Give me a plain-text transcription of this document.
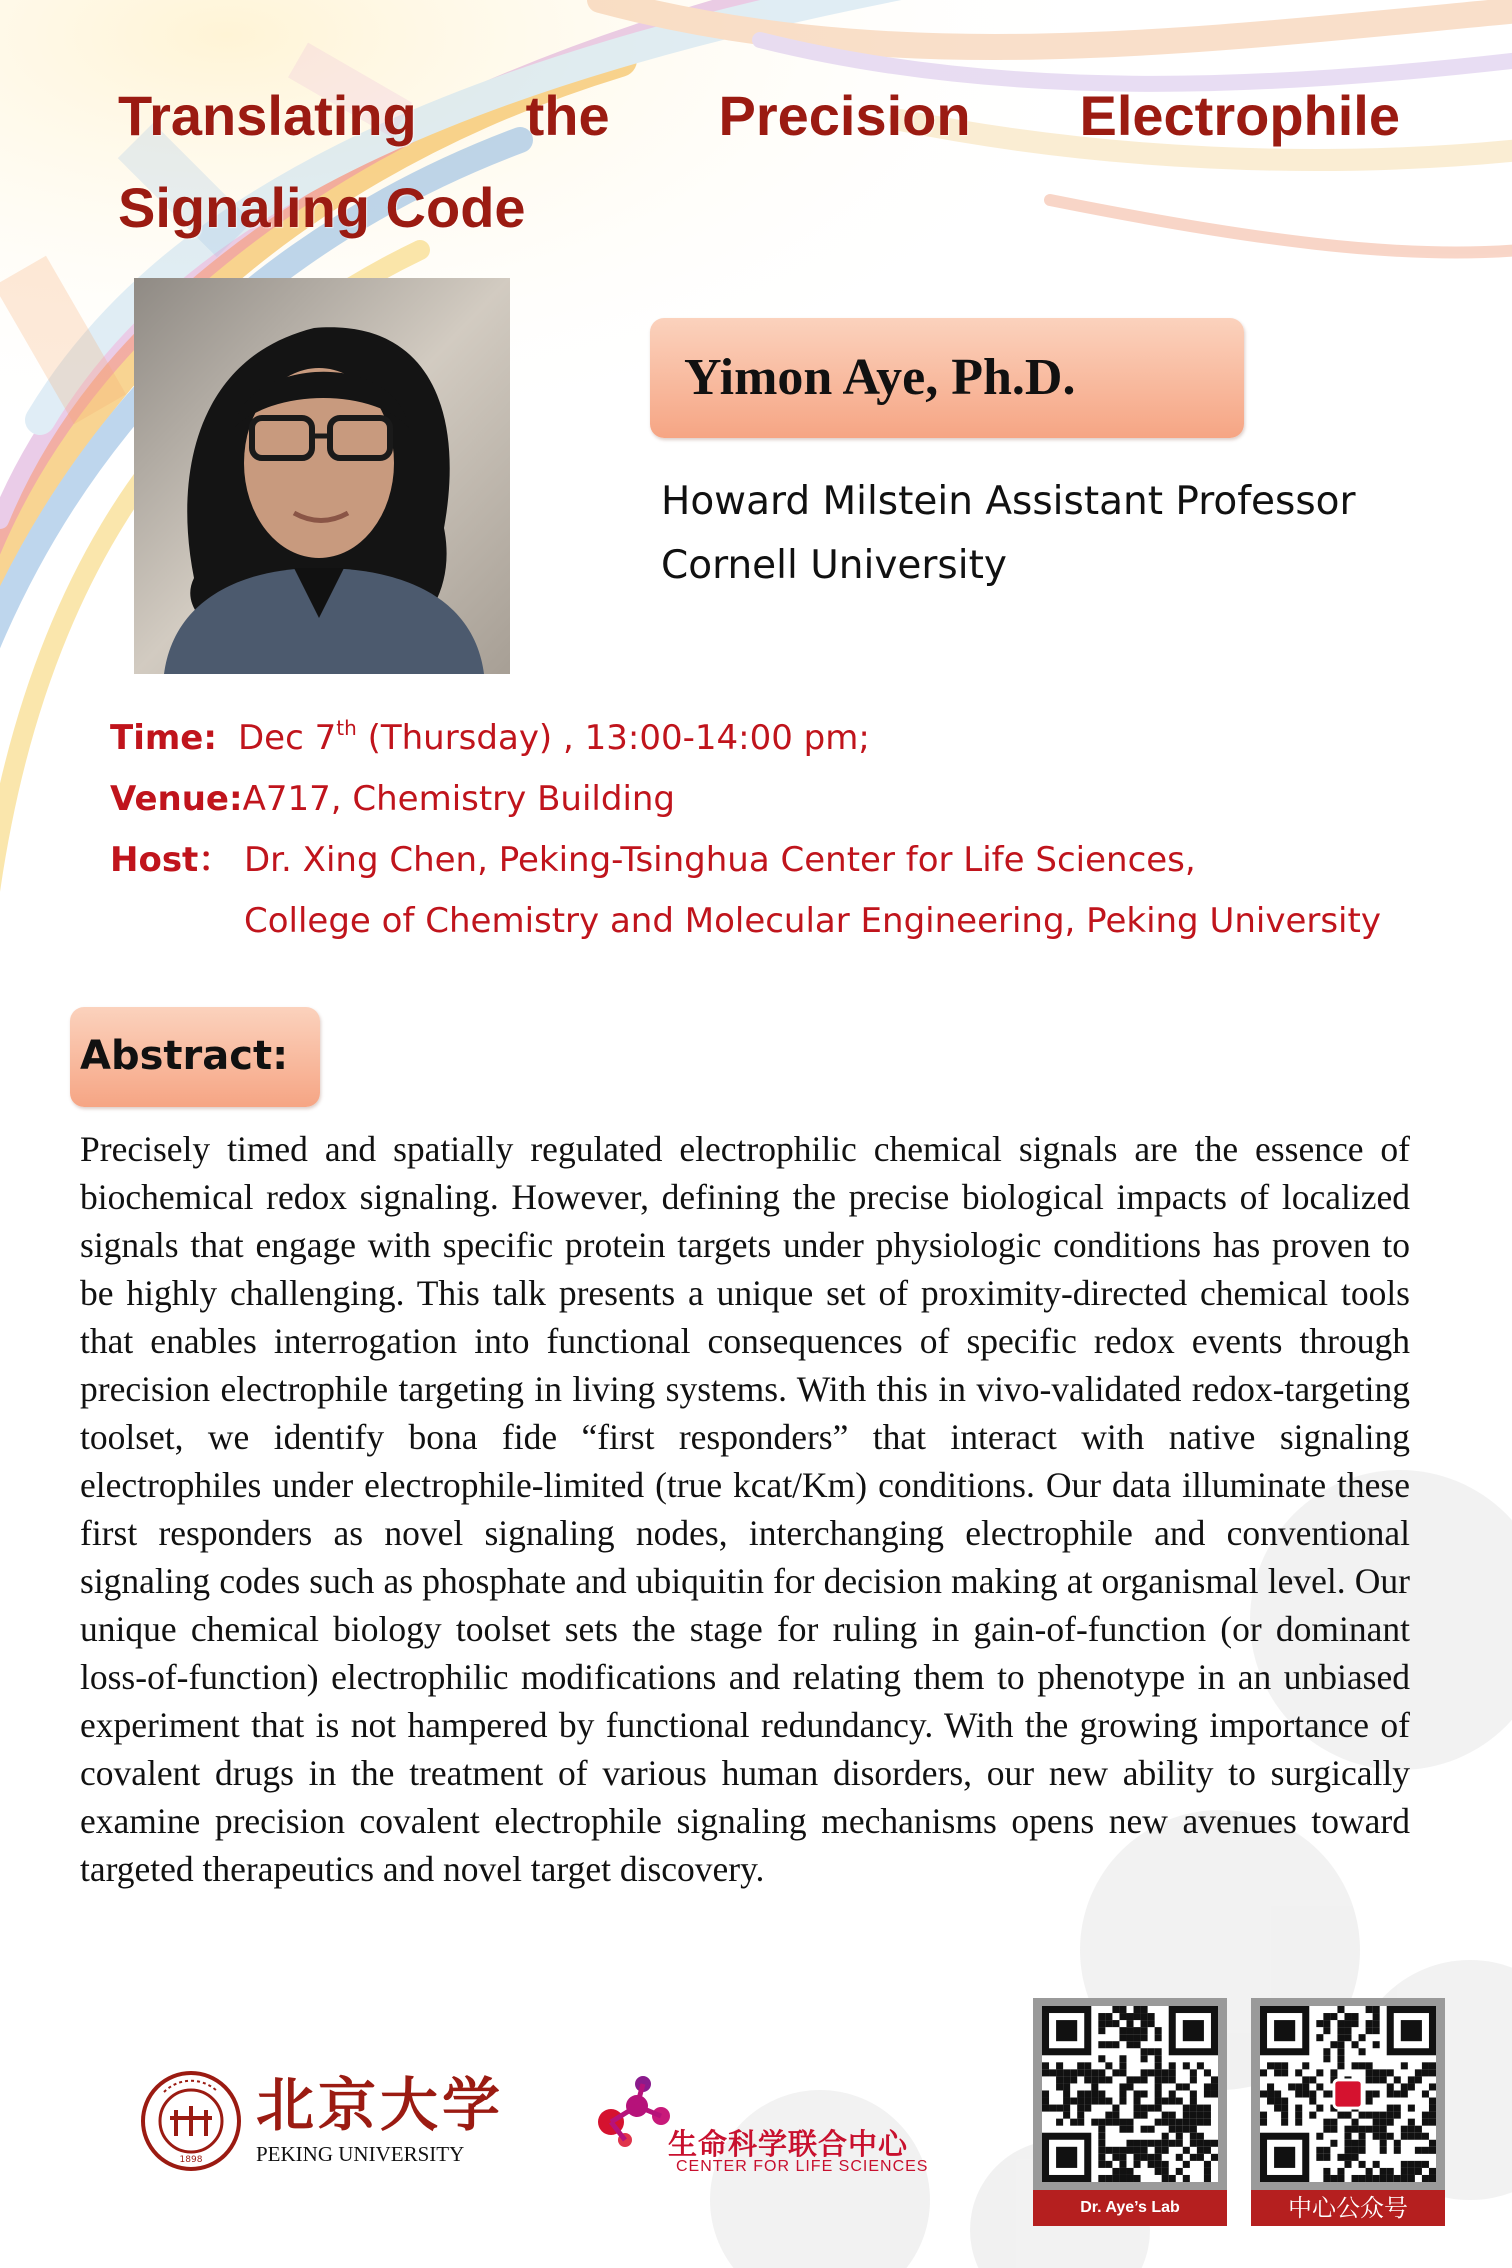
Translating the Precision Electrophile
Signaling Code
Yimon Aye, Ph.D.
Howard Milstein Assistant Professor
Cornell University
Time: Dec 7th (Thursday) , 13:00-14:00 pm;
Venue: A717, Chemistry Building
Host： Dr. Xing Chen, Peking-Tsinghua Center for Life Sciences,
College of Chemistry and Molecular Engineering, Peking University
Abstract:
Precisely timed and spatially regulated electrophilic chemical signals are the essence of biochemical redox signaling. However, defining the precise biological impacts of localized signals that engage with specific protein targets under physiologic conditions has proven to be highly challenging. This talk presents a unique set of proximity-directed chemical tools that enables interrogation into functional consequences of specific redox events through precision electrophile targeting in living systems. With this in vivo-validated redox-targeting toolset, we identify bona fide “first responders” that interact with native signaling electrophiles under electrophile-limited (true kcat/Km) conditions. Our data illuminate these first responders as novel signaling nodes, interchanging electrophile and conventional signaling codes such as phosphate and ubiquitin for decision making at organismal level. Our unique chemical biology toolset sets the stage for ruling in gain-of-function (or dominant loss-of-function) electrophilic modifications and relating them to phenotype in an unbiased experiment that is not hampered by functional redundancy. With the growing importance of covalent drugs in the treatment of various human disorders, our new ability to surgically examine precision covalent electrophile signaling mechanisms opens new avenues toward targeted therapeutics and novel target discovery.
1898
北京大学
PEKING UNIVERSITY	生命科学联合中心
CENTER FOR LIFE SCIENCES
Dr. Aye’s Lab	中心公众号
